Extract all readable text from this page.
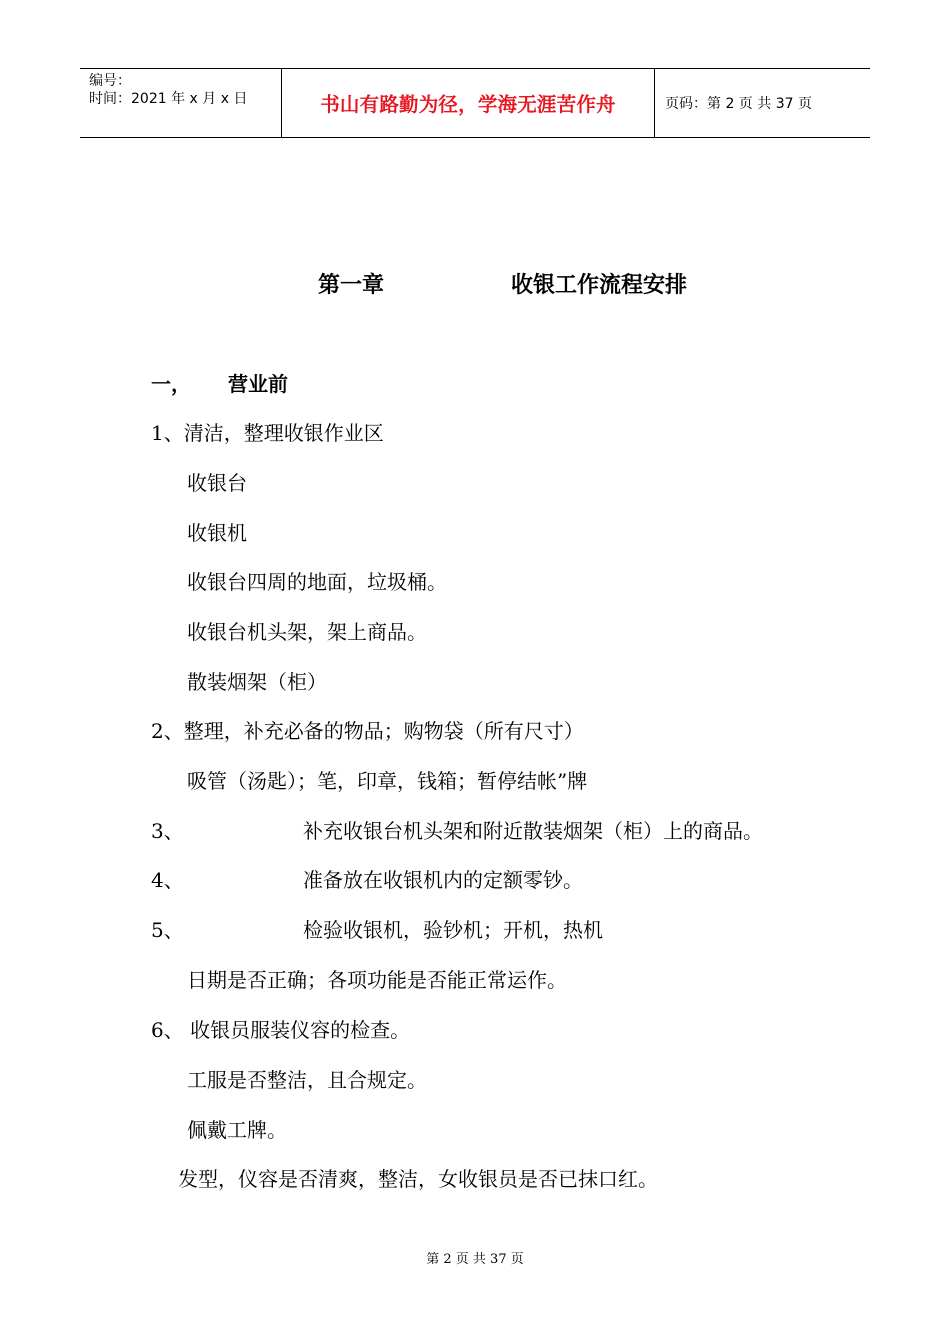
编号：
时间：2021 年 x 月 x 日	书山有路勤为径，学海无涯苦作舟	页码：第 2 页 共 37 页
第一章	收银工作流程安排
一， 营业前
1、清洁，整理收银作业区
收银台
收银机
收银台四周的地面，垃圾桶。
收银台机头架，架上商品。
散装烟架（柜）
2、整理，补充必备的物品；购物袋（所有尺寸）
吸管（汤匙）；笔，印章，钱箱；暂停结帐”牌
3、	补充收银台机头架和附近散装烟架（柜）上的商品。
4、	准备放在收银机内的定额零钞。
5、	检验收银机，验钞机；开机，热机
日期是否正确；各项功能是否能正常运作。
6、 收银员服装仪容的检查。
工服是否整洁，且合规定。
佩戴工牌。
发型，仪容是否清爽，整洁，女收银员是否已抹口红。
第 2 页 共 37 页
